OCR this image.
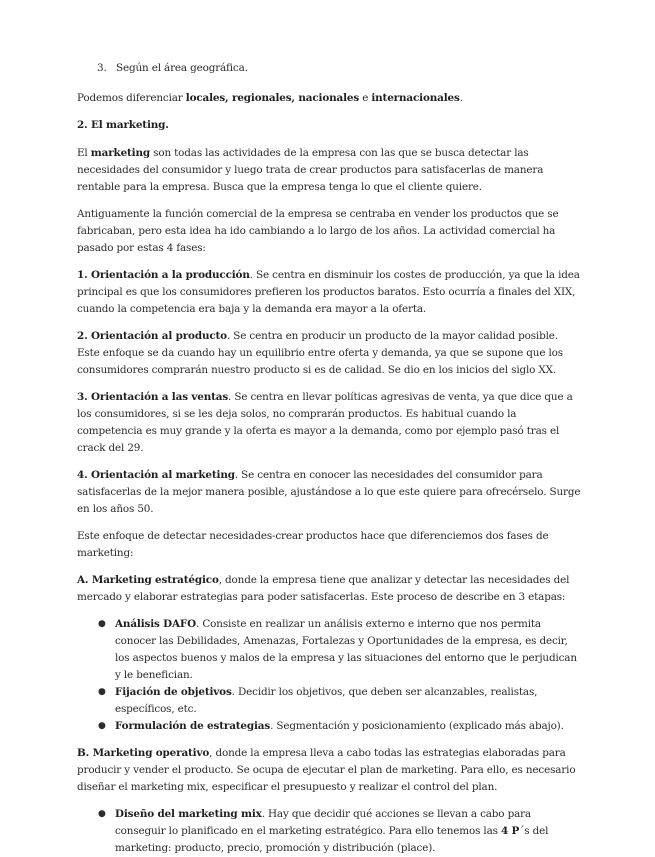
3. Según el área geográfica.

Podemos diferenciar locales, regionales, nacionales e internacionales.

2. El marketing.

El marketing son todas las actividades de la empresa con las que se busca detectar las necesidades del consumidor y luego trata de crear productos para satisfacerlas de manera rentable para la empresa. Busca que la empresa tenga lo que el cliente quiere.

Antiguamente la función comercial de la empresa se centraba en vender los productos que se fabricaban, pero esta idea ha ido cambiando a lo largo de los años. La actividad comercial ha pasado por estas 4 fases:

1. Orientación a la producción. Se centra en disminuir los costes de producción, ya que la idea principal es que los consumidores prefieren los productos baratos. Esto ocurría a finales del XIX, cuando la competencia era baja y la demanda era mayor a la oferta.

2. Orientación al producto. Se centra en producir un producto de la mayor calidad posible. Este enfoque se da cuando hay un equilibrio entre oferta y demanda, ya que se supone que los consumidores comprarán nuestro producto si es de calidad. Se dio en los inicios del siglo XX.

3. Orientación a las ventas. Se centra en llevar políticas agresivas de venta, ya que dice que a los consumidores, si se les deja solos, no comprarán productos. Es habitual cuando la competencia es muy grande y la oferta es mayor a la demanda, como por ejemplo pasó tras el crack del 29.

4. Orientación al marketing. Se centra en conocer las necesidades del consumidor para satisfacerlas de la mejor manera posible, ajustándose a lo que este quiere para ofrecérselo. Surge en los años 50.

Este enfoque de detectar necesidades-crear productos hace que diferenciemos dos fases de marketing:

A. Marketing estratégico, donde la empresa tiene que analizar y detectar las necesidades del mercado y elaborar estrategias para poder satisfacerlas. Este proceso de describe en 3 etapas:

● Análisis DAFO. Consiste en realizar un análisis externo e interno que nos permita conocer las Debilidades, Amenazas, Fortalezas y Oportunidades de la empresa, es decir, los aspectos buenos y malos de la empresa y las situaciones del entorno que le perjudican y le benefician.
● Fijación de objetivos. Decidir los objetivos, que deben ser alcanzables, realistas, específicos, etc.
● Formulación de estrategias. Segmentación y posicionamiento (explicado más abajo).

B. Marketing operativo, donde la empresa lleva a cabo todas las estrategias elaboradas para producir y vender el producto. Se ocupa de ejecutar el plan de marketing. Para ello, es necesario diseñar el marketing mix, especificar el presupuesto y realizar el control del plan.

● Diseño del marketing mix. Hay que decidir qué acciones se llevan a cabo para conseguir lo planificado en el marketing estratégico. Para ello tenemos las 4 P´s del marketing: producto, precio, promoción y distribución (place).
